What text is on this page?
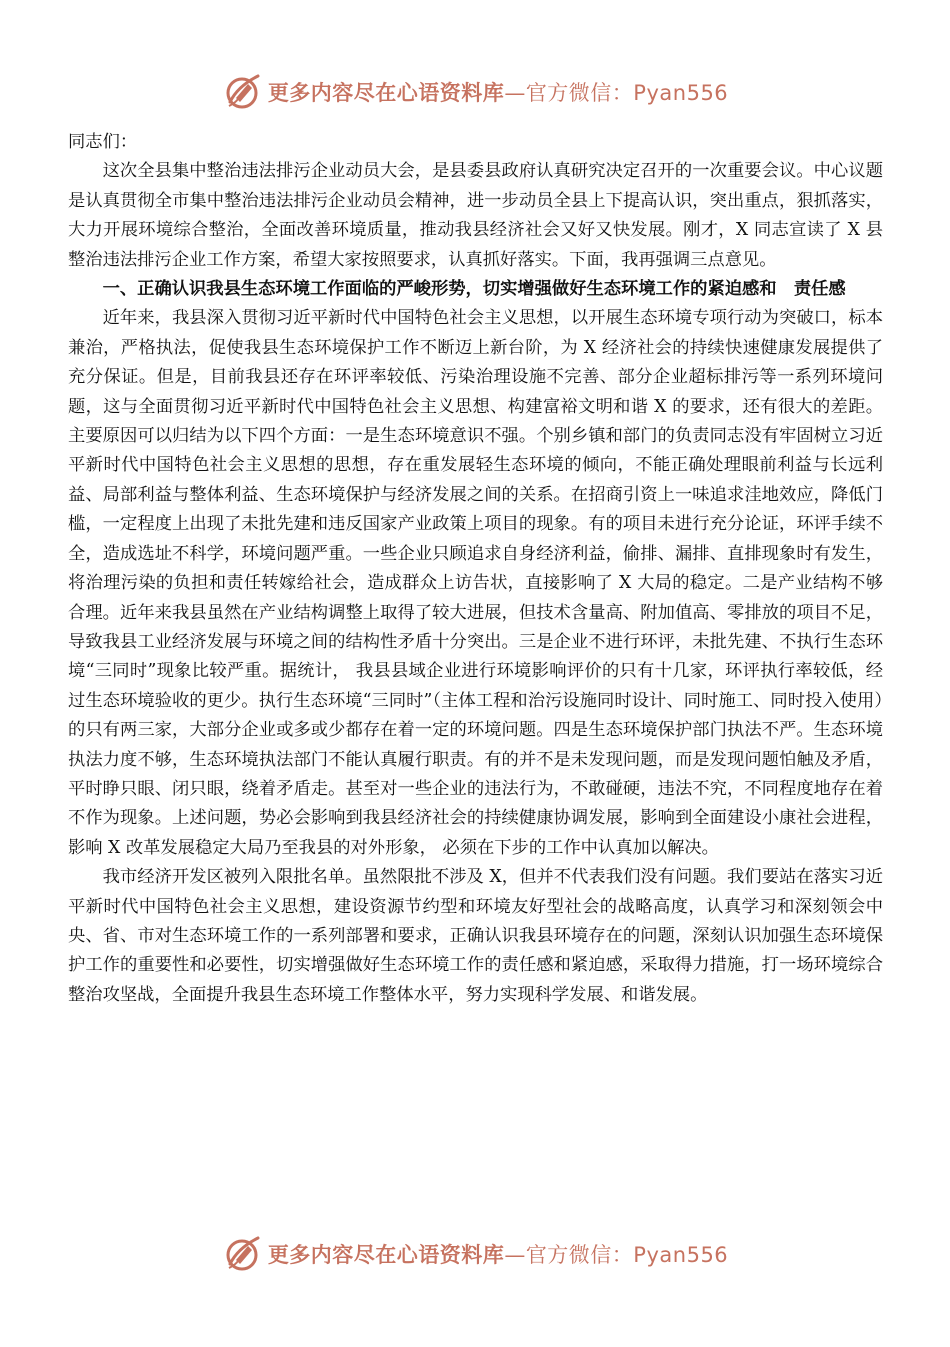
更多内容尽在心语资料库—官方微信：Pyan556

同志们：

这次全县集中整治违法排污企业动员大会，是县委县政府认真研究决定召开的一次重要会议。中心议题是认真贯彻全市集中整治违法排污企业动员会精神，进一步动员全县上下提高认识，突出重点，狠抓落实，大力开展环境综合整治，全面改善环境质量，推动我县经济社会又好又快发展。刚才，X 同志宣读了 X 县整治违法排污企业工作方案，希望大家按照要求，认真抓好落实。下面，我再强调三点意见。

一、正确认识我县生态环境工作面临的严峻形势，切实增强做好生态环境工作的紧迫感和　责任感

近年来，我县深入贯彻习近平新时代中国特色社会主义思想，以开展生态环境专项行动为突破口，标本兼治，严格执法，促使我县生态环境保护工作不断迈上新台阶，为 X 经济社会的持续快速健康发展提供了充分保证。但是，目前我县还存在环评率较低、污染治理设施不完善、部分企业超标排污等一系列环境问题，这与全面贯彻习近平新时代中国特色社会主义思想、构建富裕文明和谐 X 的要求，还有很大的差距。主要原因可以归结为以下四个方面：一是生态环境意识不强。个别乡镇和部门的负责同志没有牢固树立习近平新时代中国特色社会主义思想的思想，存在重发展轻生态环境的倾向，不能正确处理眼前利益与长远利益、局部利益与整体利益、生态环境保护与经济发展之间的关系。在招商引资上一味追求洼地效应，降低门槛，一定程度上出现了未批先建和违反国家产业政策上项目的现象。有的项目未进行充分论证，环评手续不全，造成选址不科学，环境问题严重。一些企业只顾追求自身经济利益，偷排、漏排、直排现象时有发生，将治理污染的负担和责任转嫁给社会，造成群众上访告状，直接影响了 X 大局的稳定。二是产业结构不够合理。近年来我县虽然在产业结构调整上取得了较大进展，但技术含量高、附加值高、零排放的项目不足，导致我县工业经济发展与环境之间的结构性矛盾十分突出。三是企业不进行环评，未批先建、不执行生态环境“三同时”现象比较严重。据统计， 我县县域企业进行环境影响评价的只有十几家，环评执行率较低，经过生态环境验收的更少。执行生态环境“三同时”（主体工程和治污设施同时设计、同时施工、同时投入使用）的只有两三家，大部分企业或多或少都存在着一定的环境问题。四是生态环境保护部门执法不严。生态环境执法力度不够，生态环境执法部门不能认真履行职责。有的并不是未发现问题，而是发现问题怕触及矛盾，平时睁只眼、闭只眼，绕着矛盾走。甚至对一些企业的违法行为，不敢碰硬，违法不究，不同程度地存在着不作为现象。上述问题，势必会影响到我县经济社会的持续健康协调发展，影响到全面建设小康社会进程，影响 X 改革发展稳定大局乃至我县的对外形象， 必须在下步的工作中认真加以解决。

我市经济开发区被列入限批名单。虽然限批不涉及 X，但并不代表我们没有问题。我们要站在落实习近平新时代中国特色社会主义思想，建设资源节约型和环境友好型社会的战略高度，认真学习和深刻领会中央、省、市对生态环境工作的一系列部署和要求，正确认识我县环境存在的问题，深刻认识加强生态环境保护工作的重要性和必要性，切实增强做好生态环境工作的责任感和紧迫感，采取得力措施，打一场环境综合整治攻坚战，全面提升我县生态环境工作整体水平，努力实现科学发展、和谐发展。

更多内容尽在心语资料库—官方微信：Pyan556
